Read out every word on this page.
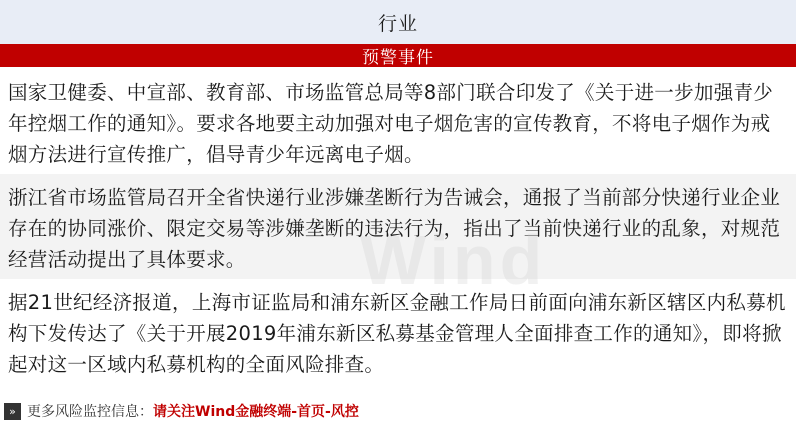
行业
预警事件
国家卫健委、中宣部、教育部、市场监管总局等8部门联合印发了《关于进一步加强青少年控烟工作的通知》。要求各地要主动加强对电子烟危害的宣传教育，不将电子烟作为戒烟方法进行宣传推广，倡导青少年远离电子烟。
浙江省市场监管局召开全省快递行业涉嫌垄断行为告诫会，通报了当前部分快递行业企业存在的协同涨价、限定交易等涉嫌垄断的违法行为，指出了当前快递行业的乱象，对规范经营活动提出了具体要求。
据21世纪经济报道，上海市证监局和浦东新区金融工作局日前面向浦东新区辖区内私募机构下发传达了《关于开展2019年浦东新区私募基金管理人全面排查工作的通知》，即将掀起对这一区域内私募机构的全面风险排查。
Wind
» 更多风险监控信息： 请关注Wind金融终端-首页-风控
